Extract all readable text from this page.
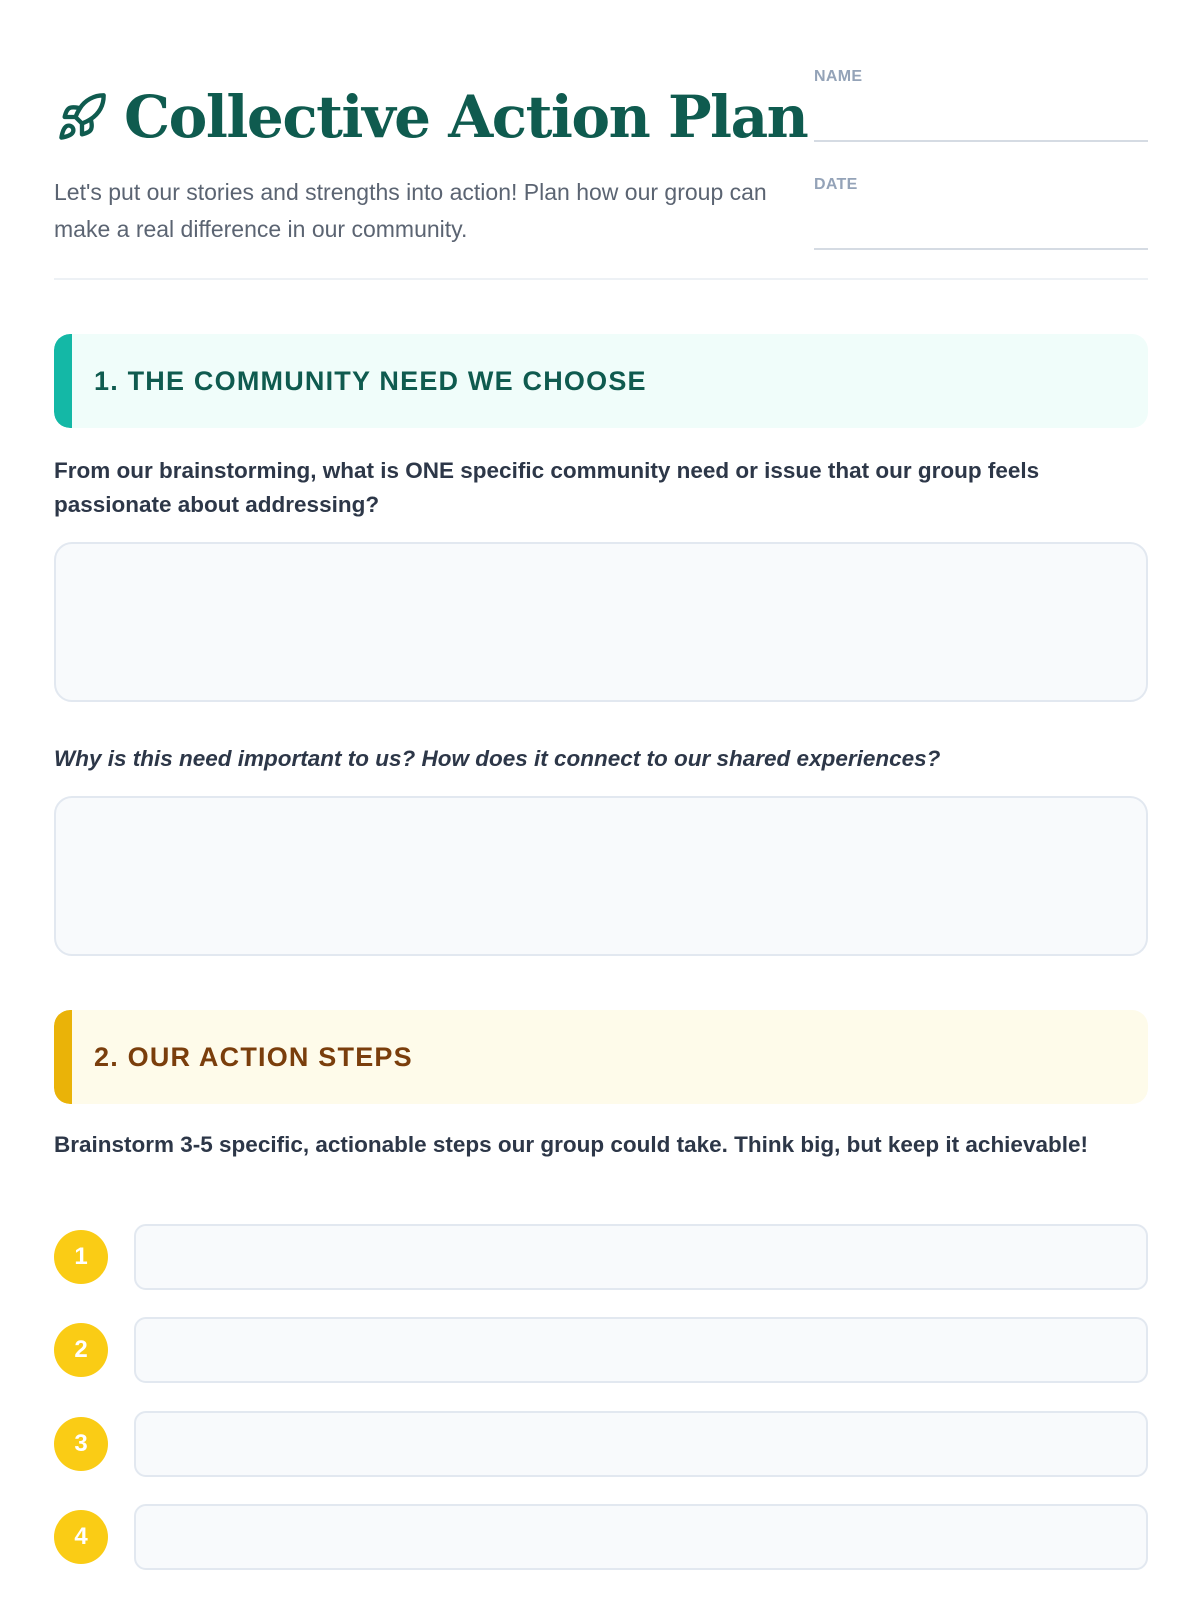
Collective Action Plan

Let's put our stories and strengths into action! Plan how our group can make a real difference in our community.

NAME
DATE
1. THE COMMUNITY NEED WE CHOOSE

From our brainstorming, what is ONE specific community need or issue that our group feels passionate about addressing?

Why is this need important to us? How does it connect to our shared experiences?

2. OUR ACTION STEPS

Brainstorm 3-5 specific, actionable steps our group could take. Think big, but keep it achievable!

1
2
3
4
